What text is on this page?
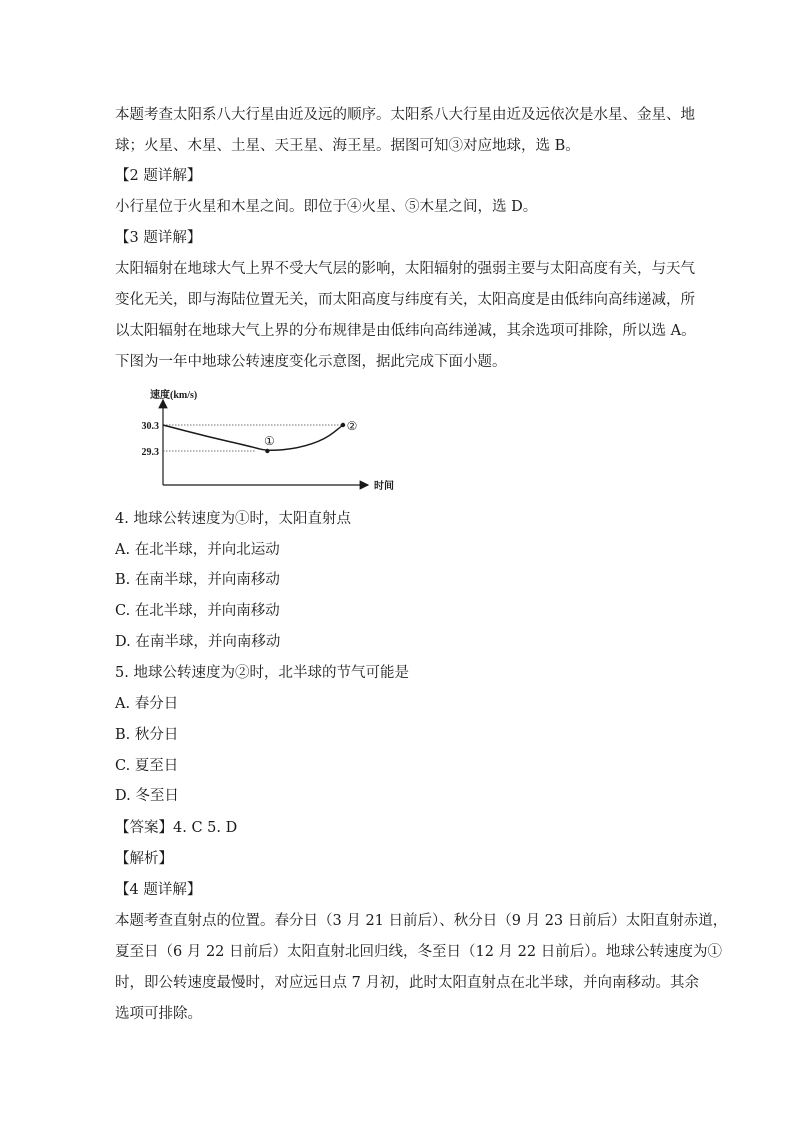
本题考查太阳系八大行星由近及远的顺序。太阳系八大行星由近及远依次是水星、金星、地
球；火星、木星、土星、天王星、海王星。据图可知③对应地球，选 B。
【2 题详解】
小行星位于火星和木星之间。即位于④火星、⑤木星之间，选 D。
【3 题详解】
太阳辐射在地球大气上界不受大气层的影响，太阳辐射的强弱主要与太阳高度有关，与天气
变化无关，即与海陆位置无关，而太阳高度与纬度有关，太阳高度是由低纬向高纬递减，所
以太阳辐射在地球大气上界的分布规律是由低纬向高纬递减，其余选项可排除，所以选 A。
下图为一年中地球公转速度变化示意图，据此完成下面小题。
4. 地球公转速度为①时，太阳直射点
A. 在北半球，并向北运动
B. 在南半球，并向南移动
C. 在北半球，并向南移动
D. 在南半球，并向南移动
5. 地球公转速度为②时，北半球的节气可能是
A. 春分日
B. 秋分日
C. 夏至日
D. 冬至日
【答案】4. C 5. D
【解析】
【4 题详解】
本题考查直射点的位置。春分日（3 月 21 日前后）、秋分日（9 月 23 日前后）太阳直射赤道，
夏至日（6 月 22 日前后）太阳直射北回归线，冬至日（12 月 22 日前后）。地球公转速度为①
时，即公转速度最慢时，对应远日点 7 月初，此时太阳直射点在北半球，并向南移动。其余
选项可排除。
速度(km/s)
时间
30.3
29.3
①
②
